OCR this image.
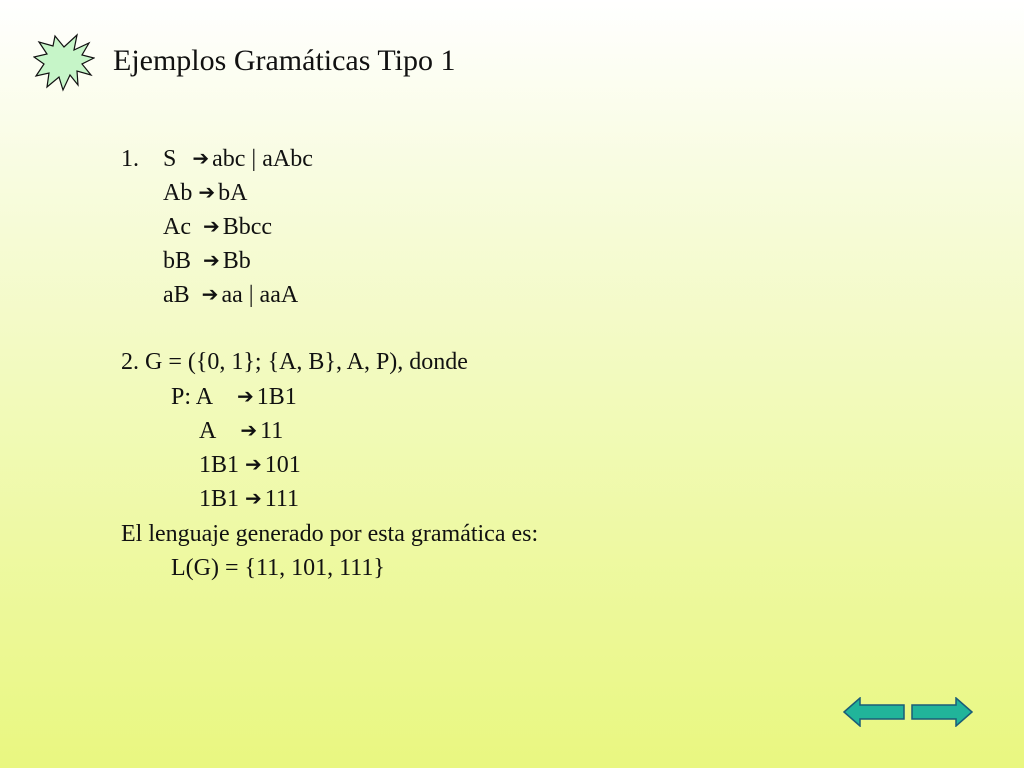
Ejemplos Gramáticas Tipo 1
1. S ➔ abc | aAbc
Ab ➔ bA
Ac ➔ Bbcc
bB ➔ Bb
aB ➔ aa | aaA
2. G = ({0, 1}; {A, B}, A, P), donde
P: A ➔ 1B1
A ➔ 11
1B1 ➔ 101
1B1 ➔ 111
El lenguaje generado por esta gramática es:
L(G) = {11, 101, 111}
